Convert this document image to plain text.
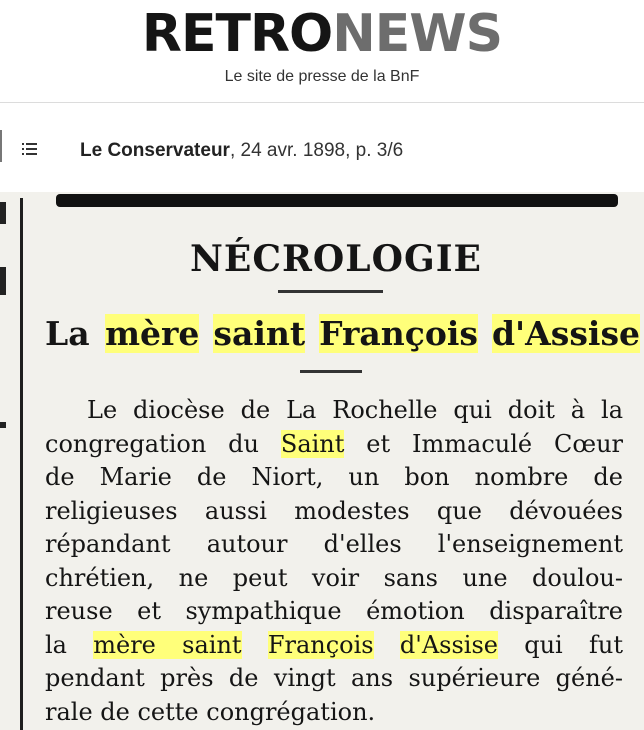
RETRONEWS
Le site de presse de la BnF
Le Conservateur, 24 avr. 1898, p. 3/6
NÉCROLOGIE
La mère saint François d'Assise
Le diocèse de La Rochelle qui doit à la
congregation du Saint et Immaculé Cœur
de Marie de Niort, un bon nombre de
religieuses aussi modestes que dévouées
répandant autour d'elles l'enseignement
chrétien, ne peut voir sans une doulou-
reuse et sympathique émotion disparaître
la mère saint François d'Assise qui fut
pendant près de vingt ans supérieure géné-
rale de cette congrégation.
